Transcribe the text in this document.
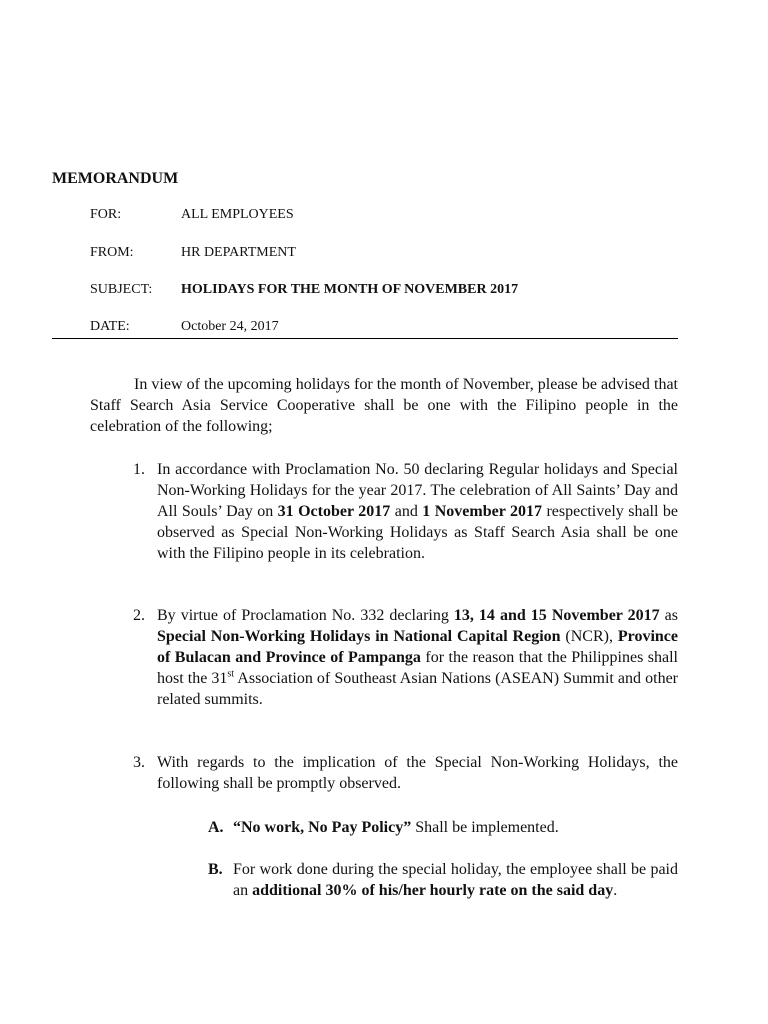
MEMORANDUM
FOR:	ALL EMPLOYEES
FROM:	HR DEPARTMENT
SUBJECT: HOLIDAYS FOR THE MONTH OF NOVEMBER 2017
DATE:	October 24, 2017
In view of the upcoming holidays for the month of November, please be advised that Staff Search Asia Service Cooperative shall be one with the Filipino people in the celebration of the following;
1. In accordance with Proclamation No. 50 declaring Regular holidays and Special Non-Working Holidays for the year 2017. The celebration of All Saints’ Day and All Souls’ Day on 31 October 2017 and 1 November 2017 respectively shall be observed as Special Non-Working Holidays as Staff Search Asia shall be one with the Filipino people in its celebration.
2. By virtue of Proclamation No. 332 declaring 13, 14 and 15 November 2017 as Special Non-Working Holidays in National Capital Region (NCR), Province of Bulacan and Province of Pampanga for the reason that the Philippines shall host the 31st Association of Southeast Asian Nations (ASEAN) Summit and other related summits.
3. With regards to the implication of the Special Non-Working Holidays, the following shall be promptly observed.
A. “No work, No Pay Policy” Shall be implemented.
B. For work done during the special holiday, the employee shall be paid an additional 30% of his/her hourly rate on the said day.
